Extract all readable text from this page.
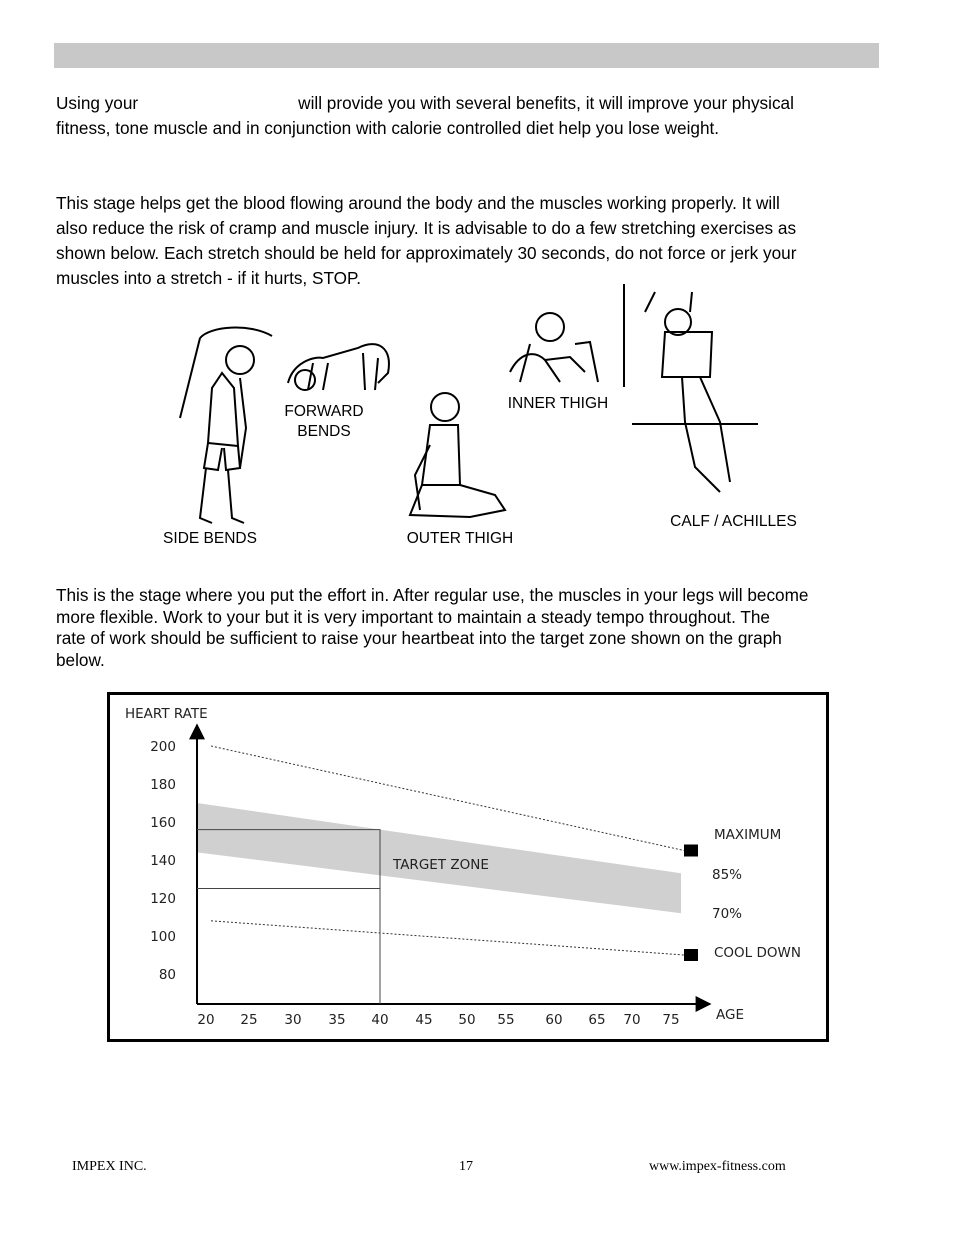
Using your	will provide you with several benefits, it will improve your physical
fitness, tone muscle and in conjunction with calorie controlled diet help you lose weight.

This stage helps get the blood flowing around the body and the muscles working properly. It will
also reduce the risk of cramp and muscle injury. It is advisable to do a few stretching exercises as
shown below. Each stretch should be held for approximately 30 seconds, do not force or jerk your
muscles into a stretch - if it hurts, STOP.

SIDE BENDS
FORWARD
BENDS
OUTER THIGH
INNER THIGH
CALF / ACHILLES

This is the stage where you put the effort in. After regular use, the muscles in your legs will become
more flexible. Work to your but it is very important to maintain a steady tempo throughout. The
rate of work should be sufficient to raise your heartbeat into the target zone shown on the graph
below.

HEART RATE
AGE
MAXIMUM
85%
70%
COOL DOWN
TARGET ZONE
80
100
120
140
160
180
200
20 25 30 35 40 45 50 55 60 65 70 75
IMPEX INC.	17	www.impex-fitness.com
